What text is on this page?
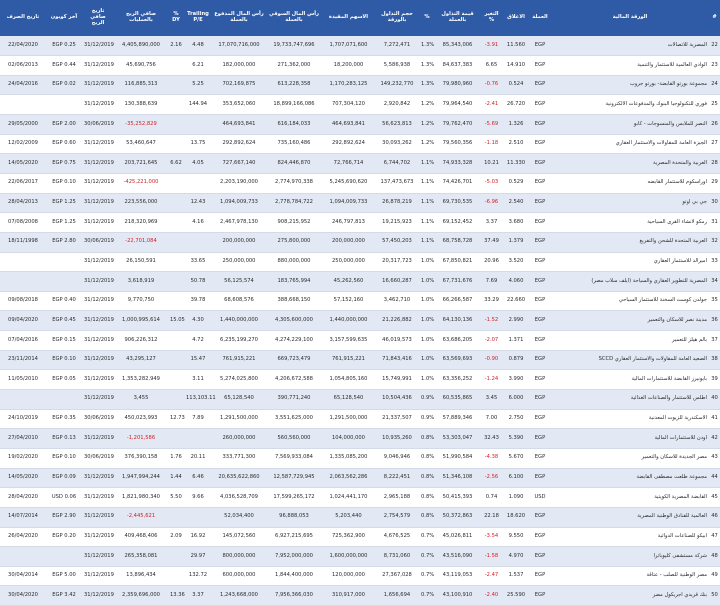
تاريخ الصرف	آخر كوبون	تاريخ صافي الربح	صافي الربح بالعمليات	% DY	Trailing P/E	رأس المال المدفوع بالعملة	رأس المال السوقي بالعملة	الاسهم المقيدة	حجم التداول بالورقة	%	قيمة التداول بالعملة	التغير %	الاغلاق	العملة	الورقة المالية	#
22/04/2020	EGP 0.25	31/12/2019	4,405,890,000	2.16	4.48	17,070,716,000	19,733,747,696	1,707,071,600	7,272,471	1.3%	85,343,006	-3.91	11.560	EGP	المصرية للاتصالات	22
02/06/2013	EGP 0.44	31/12/2019	45,690,756		6.21	182,000,000	271,362,000	18,200,000	5,586,938	1.3%	84,637,383	6.65	14.910	EGP	الوادي العالمية للاستثمار والتنمية	23
24/04/2016	EGP 0.02	31/12/2019	116,885,313		5.25	702,169,875	613,228,358	1,170,283,125	149,232,770	1.3%	79,980,960	-0.76	0.524	EGP	مجموعة بورتو القابضة- بورتو جروب	24
		31/12/2019	130,388,639		144.94	353,652,060	18,899,166,086	707,304,120	2,920,842	1.2%	79,964,540	-2.41	26.720	EGP	فوري للتكنولوجيا البنوك والمدفوعات الالكترونية	25
29/05/2000	EGP 2.00	30/06/2019	-35,252,829			464,693,841	616,184,033	464,693,841	56,623,813	1.2%	79,762,470	-5.69	1.326	EGP	النصر للملابس والمنسوجات - كابو	26
12/02/2009	EGP 0.60	31/12/2019	53,460,647		13.75	292,892,624	735,160,486	292,892,624	30,093,262	1.2%	79,560,356	-1.18	2.510	EGP	الجيزة العامة للمقاولات والاستثمار العقاري	27
14/05/2020	EGP 0.75	31/12/2019	203,721,645	6.62	4.05	727,667,140	824,446,870	72,766,714	6,744,702	1.1%	74,933,328	10.21	11.330	EGP	العربية والمتحدة المصرية	28
22/06/2017	EGP 0.10	31/12/2019	-425,221,000			2,203,190,000	2,774,970,338	5,245,690,620	137,473,673	1.1%	74,426,701	-5.03	0.529	EGP	اوراسكوم للاستثمار القابضه	29
28/04/2013	EGP 1.25	31/12/2019	223,556,000		12.43	1,094,009,733	2,778,784,722	1,094,009,733	26,878,219	1.1%	69,730,535	-6.96	2.540	EGP	جي بي اوتو	30
07/08/2008	EGP 1.25	31/12/2019	218,320,969		4.16	2,467,978,130	908,215,952	246,797,813	19,215,923	1.1%	69,152,452	3.37	3.680	EGP	رمكو لانشاء القرى السياحية	31
18/11/1998	EGP 2.80	30/06/2019	-22,701,084			200,000,000	275,800,000	200,000,000	57,450,203	1.1%	68,758,728	37.49	1.379	EGP	العربية المتحدة للشحن والتفريغ	32
		31/12/2019	26,150,591		33.65	250,000,000	880,000,000	250,000,000	20,317,723	1.0%	67,850,821	20.96	3.520	EGP	اميرالد للاستثمار العقاري	33
		31/12/2019	3,618,919		50.78	56,125,574	183,765,994	45,262,560	16,660,287	1.0%	67,731,676	7.69	4.060	EGP	المصرية للتطوير العقاري والسياحة (ايلف سلاب مصر)	34
09/08/2018	EGP 0.40	31/12/2019	9,770,750		39.78	68,608,576	388,668,150	57,152,160	3,462,710	1.0%	66,266,587	33.29	22.660	EGP	جولدن كوست السخنة للاستثمار السياحي	35
09/04/2020	EGP 0.45	31/12/2019	1,000,995,614	15.05	4.30	1,440,000,000	4,305,600,000	1,440,000,000	21,226,882	1.0%	64,130,136	-1.52	2.990	EGP	مدينة نصر للاسكان والتعمير	36
07/04/2016	EGP 0.15	31/12/2019	906,226,312		4.72	6,235,199,270	4,274,229,100	3,157,599,635	46,019,573	1.0%	63,686,205	-2.07	1.371	EGP	بالم هيلز للتعمير	37
23/11/2014	EGP 0.10	31/12/2019	43,295,127		15.47	761,915,221	669,723,479	761,915,221	71,843,416	1.0%	63,569,693	-0.90	0.879	EGP	الصعيد العامة للمقاولات والاستثمار العقاري SCCD	38
11/05/2010	EGP 0.05	31/12/2019	1,353,282,949		3.11	5,274,025,800	4,206,672,588	1,054,805,160	15,749,991	1.0%	63,356,252	-1.24	3.990	EGP	بايونيرز القابضة للاستثمارات المالية	39
		31/12/2019	3,455		113,103.11	65,128,540	390,771,240	65,128,540	10,504,436	0.9%	60,535,865	3.45	6.000	EGP	اطلس للاستثمار والصناعات الغذائية	40
24/10/2019	EGP 0.35	30/06/2019	450,023,993	12.73	7.89	1,291,500,000	3,551,625,000	1,291,500,000	21,337,507	0.9%	57,889,346	7.00	2.750	EGP	الاسكندرية للزيوت المعدنية	41
27/04/2010	EGP 0.13	31/12/2019	-1,201,586			260,000,000	560,560,000	104,000,000	10,935,260	0.8%	53,303,047	32.43	5.390	EGP	اودن للاستثمارات المالية	42
19/02/2020	EGP 0.10	30/06/2019	376,390,158	1.76	20.11	333,771,300	7,569,933,084	1,335,085,200	9,046,946	0.8%	51,990,584	-4.38	5.670	EGP	مصر الجديدة للاسكان والتعمير	43
14/05/2020	EGP 0.09	31/12/2019	1,947,994,244	1.44	6.46	20,635,622,860	12,587,729,945	2,063,562,286	8,222,451	0.8%	51,346,108	-2.56	6.100	EGP	مجموعة طلعت مصطفى القابضة	44
28/04/2020	USD 0.06	31/12/2019	1,821,980,340	5.50	9.66	4,036,528,709	17,599,265,172	1,024,441,170	2,965,188	0.8%	50,415,393	0.74	1.090	USD	القابضة المصرية الكويتية	45
14/07/2014	EGP 2.90	31/12/2019	-2,445,621			52,034,400	96,888,053	5,203,440	2,754,579	0.8%	50,372,863	22.18	18.620	EGP	العالمية للفنادق الوطنية المصرية	46
26/04/2020	EGP 0.20	31/12/2019	409,468,406	2.09	16.92	145,072,560	6,927,215,695	725,362,900	4,676,525	0.7%	45,026,811	-3.54	9.550	EGP	ابيكو للصناعات الدوائية	47
		31/12/2019	265,358,081		29.97	800,000,000	7,952,000,000	1,600,000,000	8,731,060	0.7%	43,516,090	-1.58	4.970	EGP	شركة مستشفى كليوباترا	48
30/04/2014	EGP 5.00	31/12/2019	13,896,434		132.72	600,000,000	1,844,400,000	120,000,000	27,367,028	0.7%	43,119,053	-2.47	1.537	EGP	مصر الوطنية للصلب - عتاقة	49
30/04/2020	EGP 3.42	31/12/2019	2,359,696,000	13.36	3.37	1,243,668,000	7,956,366,030	310,917,000	1,656,694	0.7%	43,100,910	-2.40	25.590	EGP	بنك قريدي اجريكول مصر	50
